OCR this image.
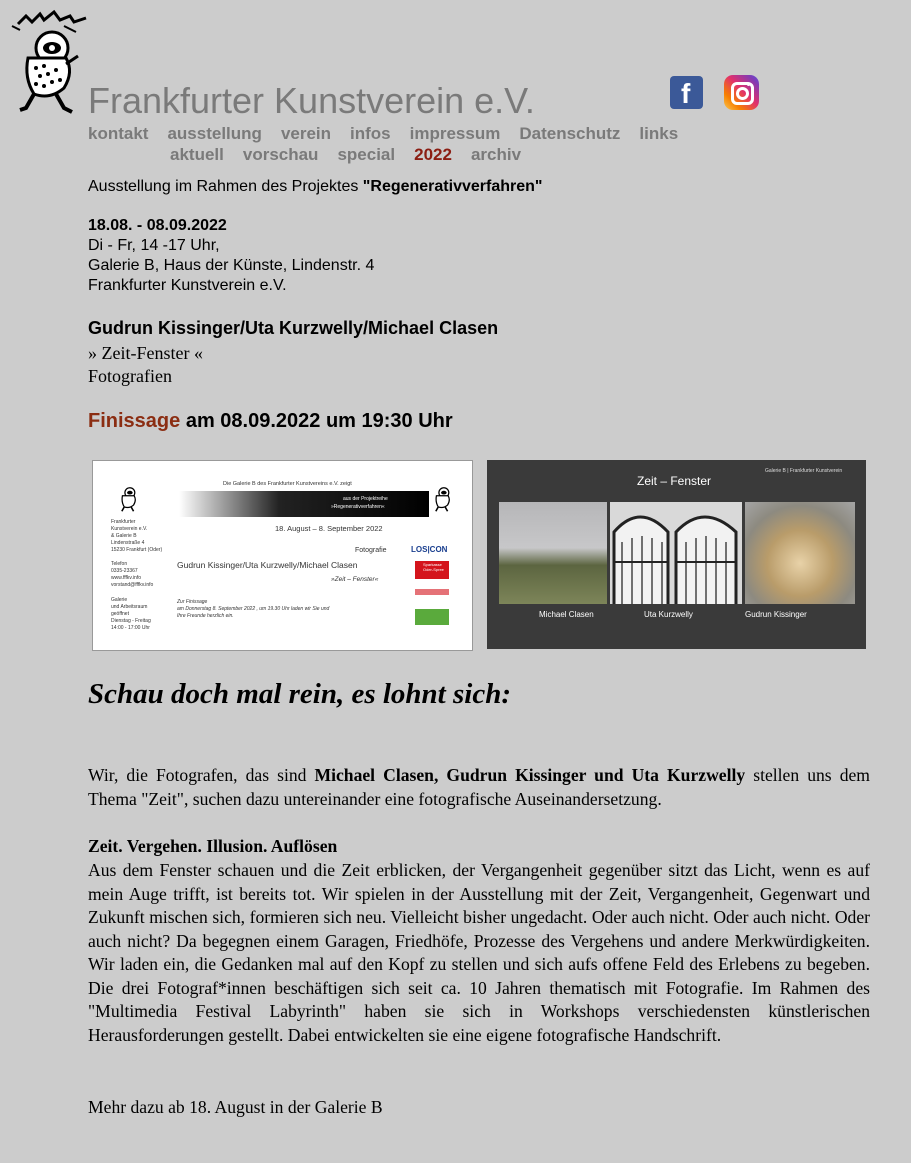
Frankfurter Kunstverein e.V.	f
kontakt ausstellung verein infos impressum Datenschutz links
aktuell vorschau special 2022 archiv
Ausstellung im Rahmen des Projektes "Regenerativverfahren"
18.08. - 08.09.2022
Di - Fr, 14 -17 Uhr,
Galerie B, Haus der Künste, Lindenstr. 4
Frankfurter Kunstverein e.V.
Gudrun Kissinger/Uta Kurzwelly/Michael Clasen
» Zeit-Fenster «
Fotografien
Finissage am 08.09.2022 um 19:30 Uhr
Die Galerie B des Frankfurter Kunstvereins e.V. zeigt
aus der Projektreihe
»Regenerativverfahren«
18. August – 8. September 2022
Fotografie
Gudrun Kissinger/Uta Kurzwelly/Michael Clasen
»Zeit – Fenster«
Zur Finissage
am Donnerstag 8. September 2022 , um 19.30 Uhr laden wir Sie und
Ihre Freunde herzlich ein.
Frankfurter
Kunstverein e.V.
& Galerie B
Lindenstraße 4
15230 Frankfurt (Oder)
Telefon
0335-23367
www.fffkv.info
vorstand@fffkv.info
Galerie
und Arbeitsraum
geöffnet
Dienstag - Freitag
14:00 - 17:00 Uhr
LOS|CON
Sparkasse Oder-Spree
Galerie B | Frankfurter Kunstverein
Zeit – Fenster
Michael Clasen	Uta Kurzwelly	Gudrun Kissinger
Schau doch mal rein, es lohnt sich:
Wir, die Fotografen, das sind Michael Clasen, Gudrun Kissinger und Uta Kurzwelly stellen uns dem Thema "Zeit", suchen dazu untereinander eine fotografische Auseinandersetzung.
Zeit. Vergehen. Illusion. Auflösen
Aus dem Fenster schauen und die Zeit erblicken, der Vergangenheit gegenüber sitzt das Licht, wenn es auf mein Auge trifft, ist bereits tot. Wir spielen in der Ausstellung mit der Zeit, Vergangenheit, Gegenwart und Zukunft mischen sich, formieren sich neu. Vielleicht bisher ungedacht. Oder auch nicht. Oder auch nicht. Oder auch nicht? Da begegnen einem Garagen, Friedhöfe, Prozesse des Vergehens und andere Merkwürdigkeiten. Wir laden ein, die Gedanken mal auf den Kopf zu stellen und sich aufs offene Feld des Erlebens zu begeben. Die drei Fotograf*innen beschäftigen sich seit ca. 10 Jahren thematisch mit Fotografie. Im Rahmen des "Multimedia Festival Labyrinth" haben sie sich in Workshops verschiedensten künstlerischen Herausforderungen gestellt. Dabei entwickelten sie eine eigene fotografische Handschrift.
Mehr dazu ab 18. August in der Galerie B
